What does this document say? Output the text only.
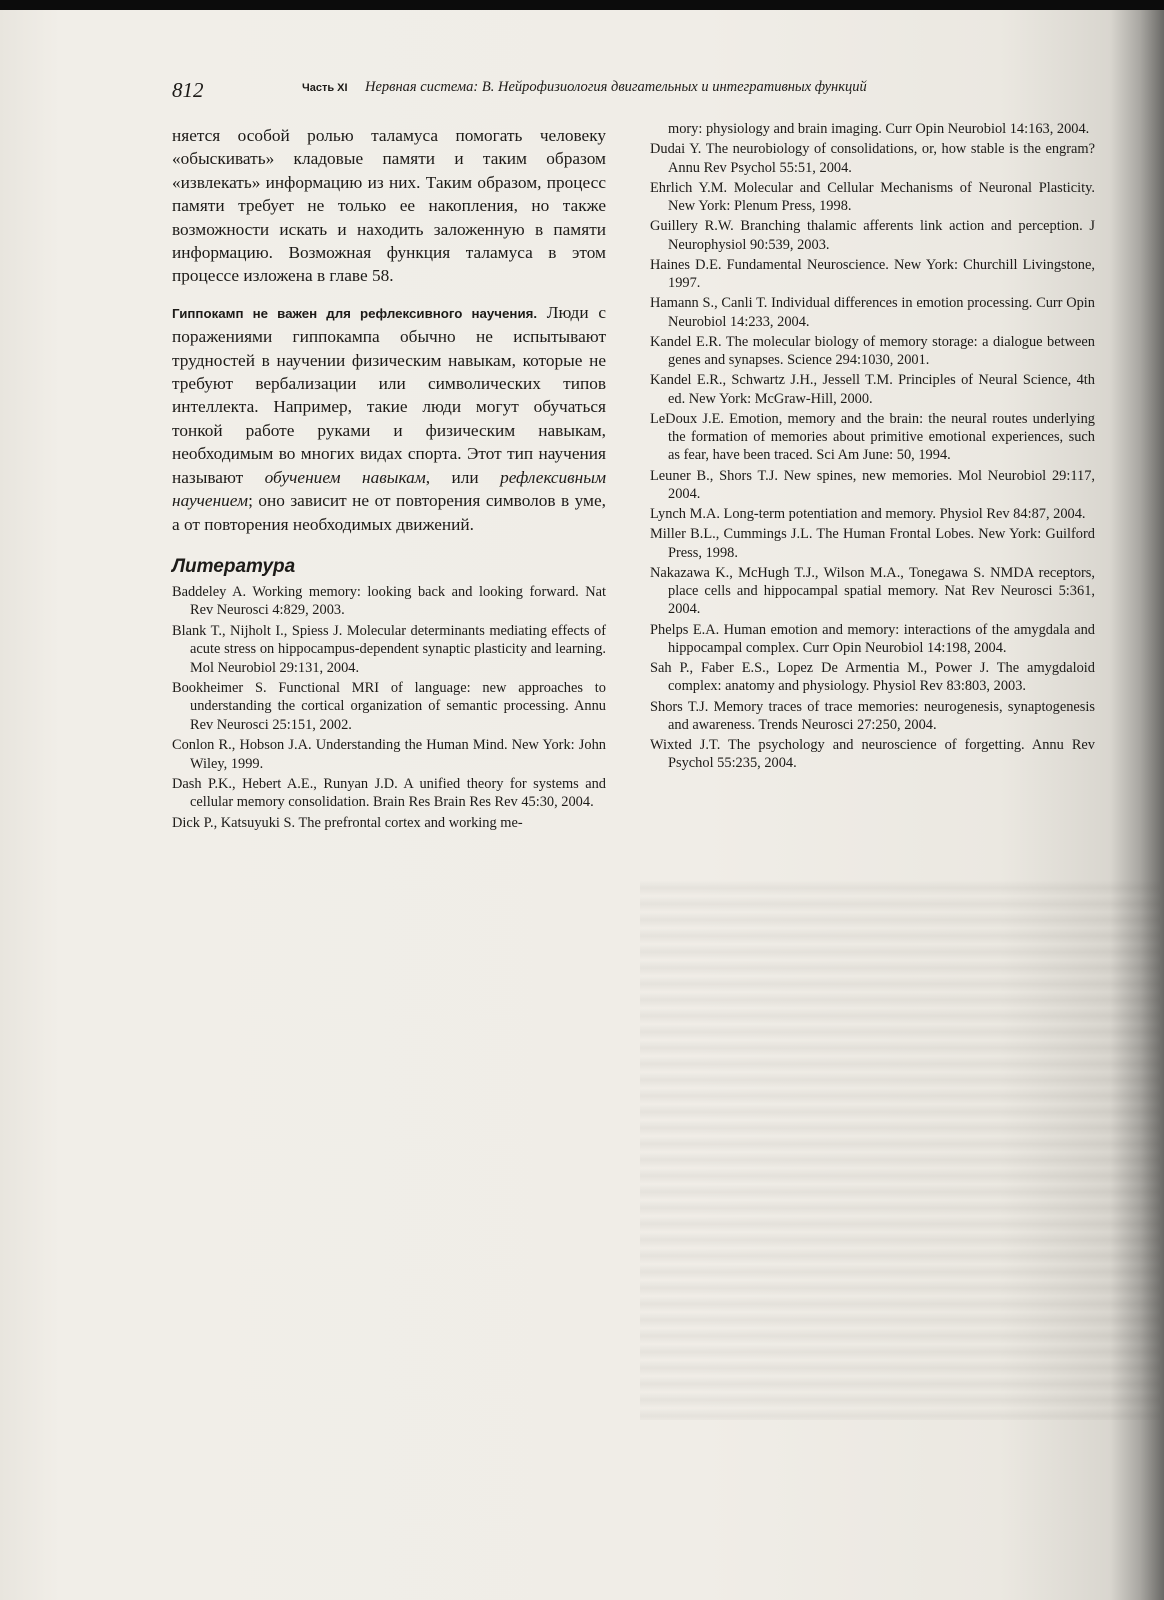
812	Часть XI Нервная система: B. Нейрофизиология двигательных и интегративных функций

няется особой ролью таламуса помогать человеку «обыскивать» кладовые памяти и таким образом «извлекать» информацию из них. Таким образом, процесс памяти требует не только ее накопления, но также возможности искать и находить заложенную в памяти информацию. Возможная функция таламуса в этом процессе изложена в главе 58.

Гиппокамп не важен для рефлексивного научения. Люди с поражениями гиппокампа обычно не испытывают трудностей в научении физическим навыкам, которые не требуют вербализации или символических типов интеллекта. Например, такие люди могут обучаться тонкой работе руками и физическим навыкам, необходимым во многих видах спорта. Этот тип научения называют обучением навыкам, или рефлексивным научением; оно зависит не от повторения символов в уме, а от повторения необходимых движений.

Литература

Baddeley A. Working memory: looking back and looking forward. Nat Rev Neurosci 4:829, 2003.

Blank T., Nijholt I., Spiess J. Molecular determinants mediating effects of acute stress on hippocampus-dependent synaptic plasticity and learning. Mol Neurobiol 29:131, 2004.

Bookheimer S. Functional MRI of language: new approaches to understanding the cortical organization of semantic processing. Annu Rev Neurosci 25:151, 2002.

Conlon R., Hobson J.A. Understanding the Human Mind. New York: John Wiley, 1999.

Dash P.K., Hebert A.E., Runyan J.D. A unified theory for systems and cellular memory consolidation. Brain Res Brain Res Rev 45:30, 2004.

Dick P., Katsuyuki S. The prefrontal cortex and working me-

mory: physiology and brain imaging. Curr Opin Neurobiol 14:163, 2004.

Dudai Y. The neurobiology of consolidations, or, how stable is the engram? Annu Rev Psychol 55:51, 2004.

Ehrlich Y.M. Molecular and Cellular Mechanisms of Neuronal Plasticity. New York: Plenum Press, 1998.

Guillery R.W. Branching thalamic afferents link action and perception. J Neurophysiol 90:539, 2003.

Haines D.E. Fundamental Neuroscience. New York: Churchill Livingstone, 1997.

Hamann S., Canli T. Individual differences in emotion processing. Curr Opin Neurobiol 14:233, 2004.

Kandel E.R. The molecular biology of memory storage: a dialogue between genes and synapses. Science 294:1030, 2001.

Kandel E.R., Schwartz J.H., Jessell T.M. Principles of Neural Science, 4th ed. New York: McGraw-Hill, 2000.

LeDoux J.E. Emotion, memory and the brain: the neural routes underlying the formation of memories about primitive emotional experiences, such as fear, have been traced. Sci Am June: 50, 1994.

Leuner B., Shors T.J. New spines, new memories. Mol Neurobiol 29:117, 2004.

Lynch M.A. Long-term potentiation and memory. Physiol Rev 84:87, 2004.

Miller B.L., Cummings J.L. The Human Frontal Lobes. New York: Guilford Press, 1998.

Nakazawa K., McHugh T.J., Wilson M.A., Tonegawa S. NMDA receptors, place cells and hippocampal spatial memory. Nat Rev Neurosci 5:361, 2004.

Phelps E.A. Human emotion and memory: interactions of the amygdala and hippocampal complex. Curr Opin Neurobiol 14:198, 2004.

Sah P., Faber E.S., Lopez De Armentia M., Power J. The amygdaloid complex: anatomy and physiology. Physiol Rev 83:803, 2003.

Shors T.J. Memory traces of trace memories: neurogenesis, synaptogenesis and awareness. Trends Neurosci 27:250, 2004.

Wixted J.T. The psychology and neuroscience of forgetting. Annu Rev Psychol 55:235, 2004.
